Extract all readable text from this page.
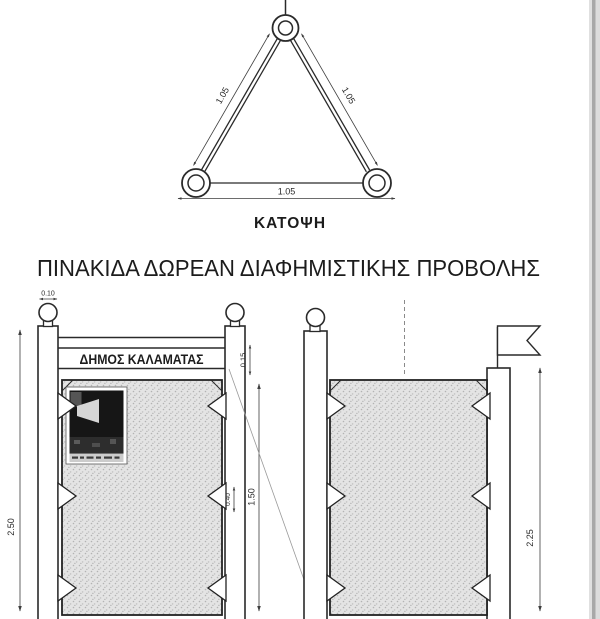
1.05	1.05
1.05
ΚΑΤΟΨΗ
ΠΙΝΑΚΙΔΑ ΔΩΡΕΑΝ ΔΙΑΦΗΜΙΣΤΙΚΗΣ ΠΡΟΒΟΛΗΣ
2.50
0.10
ΔΗΜΟΣ ΚΑΛΑΜΑΤΑΣ	0.15
0.40 1.50
2.25
